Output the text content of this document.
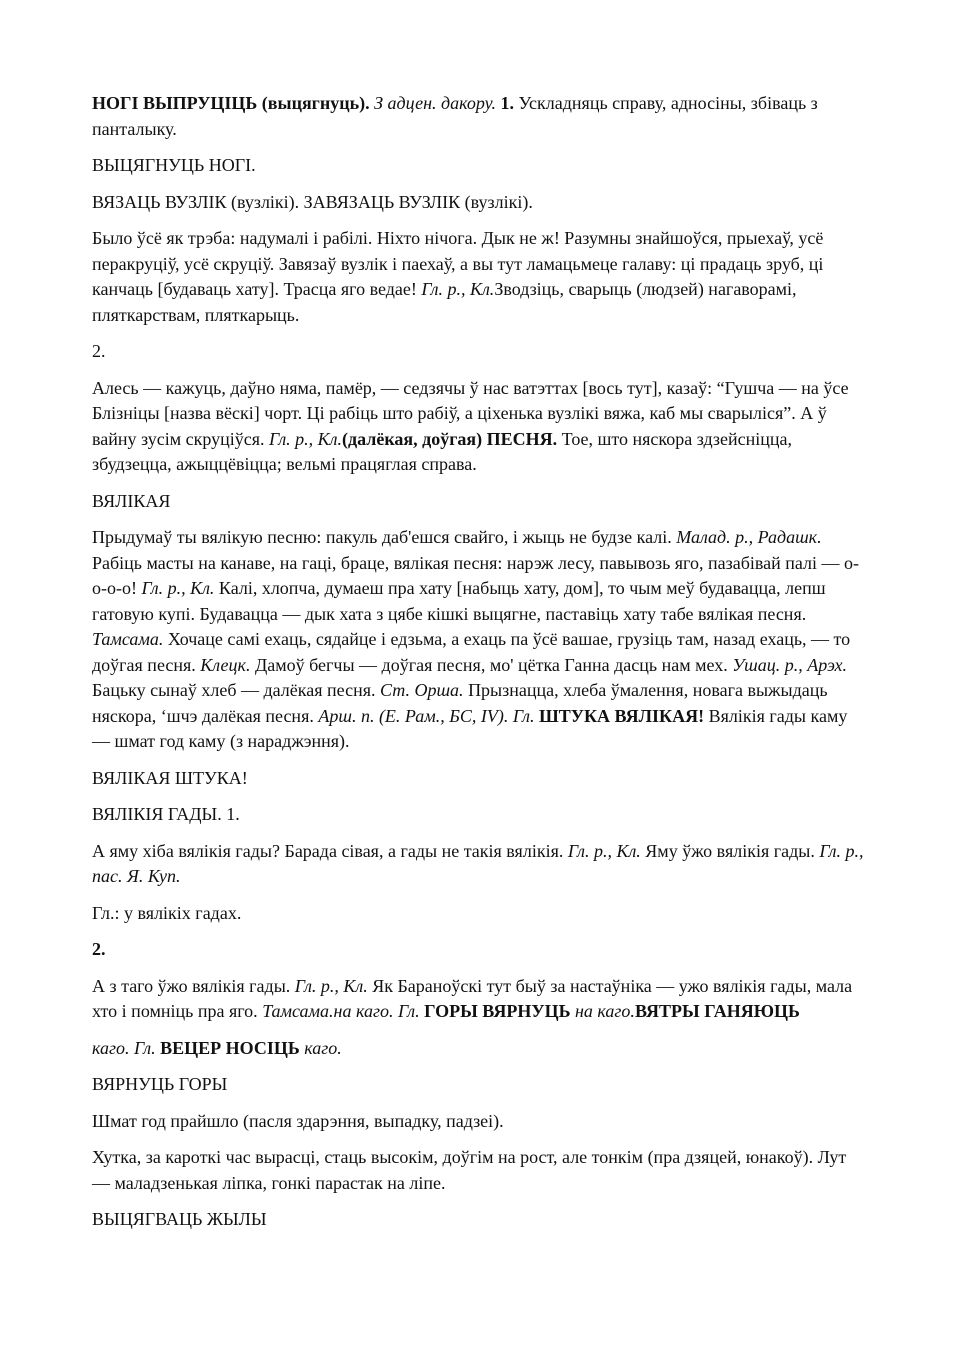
НОГІ ВЫПРУЦІЦЬ (выцягнуць). З адцен. дакору. 1. Ускладняць справу, адносіны, збіваць з панталыку.

ВЫЦЯГНУЦЬ НОГІ.

ВЯЗАЦЬ ВУЗЛІК (вузлікі). ЗАВЯЗАЦЬ ВУЗЛІК (вузлікі).

Было ўсё як трэба: надумалі і рабілі. Ніхто нічога. Дык не ж! Разумны знайшоўся, прыехаў, усё перакруціў, усё скруціў. Завязаў вузлік і паехаў, а вы тут ламацьмеце галаву: ці прадаць зруб, ці канчаць [будаваць хату]. Трасца яго ведае! Гл. р., Кл.Зводзіць, сварыць (людзей) нагаворамі, пляткарствам, пляткарыць.

2.

Алесь — кажуць, даўно няма, памёр, — седзячы ў нас ватэттах [вось тут], казаў: “Гушча — на ўсе Блізніцы [назва вёскі] чорт. Ці рабіць што рабіў, а ціхенька вузлікі вяжа, каб мы сварыліся”. А ў вайну зусім скруціўся. Гл. р., Кл.(далёкая, доўгая) ПЕСНЯ. Тое, што няскора здзейсніцца, збудзецца, ажыццёвіцца; вельмі працяглая справа.

ВЯЛІКАЯ

Прыдумаў ты вялікую песню: пакуль даб'ешся свайго, і жыць не будзе калі. Малад. р., Радашк. Рабіць масты на канаве, на гаці, браце, вялікая песня: нарэж лесу, павывозь яго, пазабівай палі — о-о-о-о! Гл. р., Кл. Калі, хлопча, думаеш пра хату [набыць хату, дом], то чым меў будавацца, лепш гатовую купі. Будавацца — дык хата з цябе кішкі выцягне, паставіць хату табе вялікая песня. Тамсама. Хочаце самі ехаць, сядайце і едзьма, а ехаць па ўсё вашае, грузіць там, назад ехаць, — то доўгая песня. Клецк. Дамоў бегчы — доўгая песня, мо' цётка Ганна дасць нам мех. Ушац. р., Арэх. Бацьку сынаў хлеб — далёкая песня. Ст. Орша. Прызнацца, хлеба ўмалення, новага выжыдаць няскора, ‘шчэ далёкая песня. Арш. п. (Е. Рам., БС, IV). Гл. ШТУКА ВЯЛІКАЯ! Вялікія гады каму — шмат год каму (з нараджэння).

ВЯЛІКАЯ ШТУКА!

ВЯЛІКІЯ ГАДЫ. 1.

А яму хіба вялікія гады? Барада сівая, а гады не такія вялікія. Гл. р., Кл. Яму ўжо вялікія гады. Гл. р., пас. Я. Куп.

Гл.: у вялікіх гадах.

2.

А з таго ўжо вялікія гады. Гл. р., Кл. Як Бараноўскі тут быў за настаўніка — ужо вялікія гады, мала хто і помніць пра яго. Тамсама.на каго. Гл. ГОРЫ ВЯРНУЦЬ на каго.ВЯТРЫ ГАНЯЮЦЬ

каго. Гл. ВЕЦЕР НОСІЦЬ каго.

ВЯРНУЦЬ ГОРЫ

Шмат год прайшло (пасля здарэння, выпадку, падзеі).

Хутка, за кароткі час вырасці, стаць высокім, доўгім на рост, але тонкім (пра дзяцей, юнакоў). Лут — маладзенькая ліпка, гонкі парастак на ліпе.

ВЫЦЯГВАЦЬ ЖЫЛЫ
